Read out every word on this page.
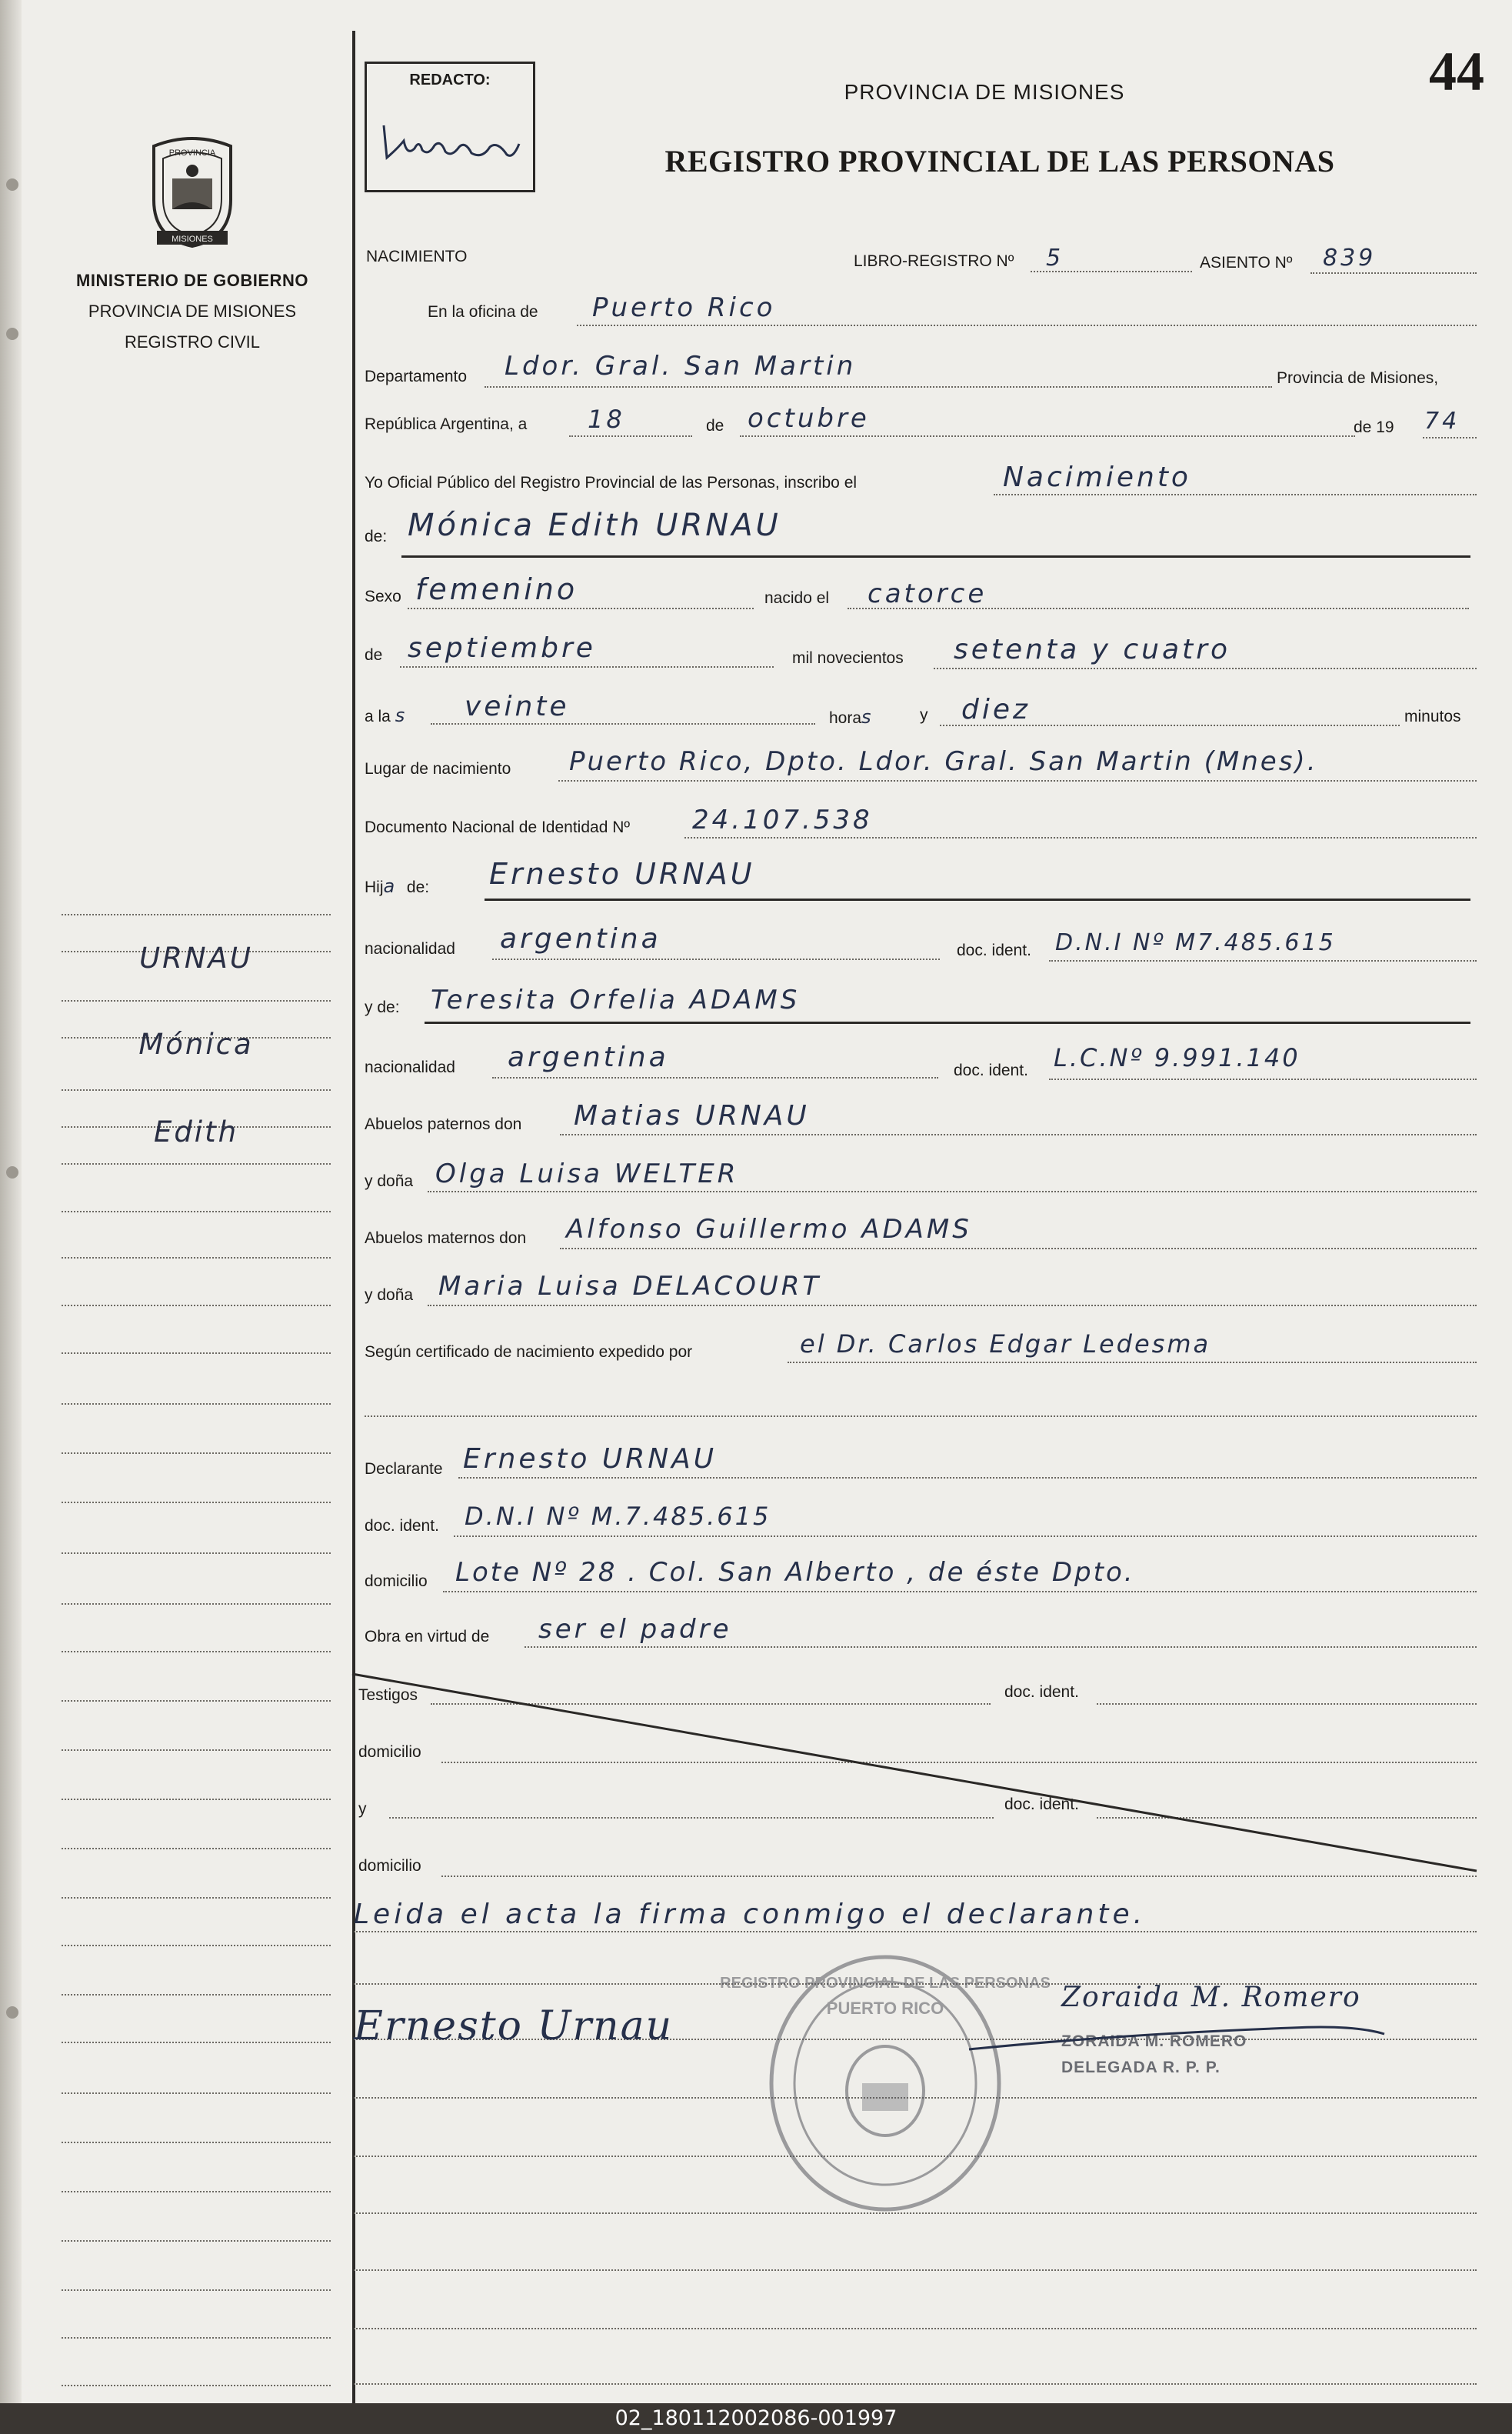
PROVINCIA
MISIONES
MINISTERIO DE GOBIERNO
PROVINCIA DE MISIONES
REGISTRO CIVIL
URNAU
Mónica
Edith
REDACTO:	PROVINCIA DE MISIONES
REGISTRO PROVINCIAL DE LAS PERSONAS
44
NACIMIENTO	LIBRO-REGISTRO Nº 5	ASIENTO Nº 839
En la oficina de Puerto Rico
Departamento Ldor. Gral. San Martin	Provincia de Misiones,
República Argentina, a 18	de octubre	de 19 74
Yo Oficial Público del Registro Provincial de las Personas, inscribo el	Nacimiento
de: Mónica Edith URNAU
Sexo femenino	nacido el catorce
de septiembre	mil novecientos setenta y cuatro
a la s veinte	horas	y diez	minutos
Lugar de nacimiento Puerto Rico, Dpto. Ldor. Gral. San Martin (Mnes).
Documento Nacional de Identidad Nº 24.107.538
Hija de: Ernesto URNAU
nacionalidad argentina	doc. ident. D.N.I Nº M7.485.615
y de: Teresita Orfelia ADAMS
nacionalidad argentina	doc. ident. L.C.Nº 9.991.140
Abuelos paternos don Matias URNAU
y doña Olga Luisa WELTER
Abuelos maternos don Alfonso Guillermo ADAMS
y doña Maria Luisa DELACOURT
Según certificado de nacimiento expedido por	el Dr. Carlos Edgar Ledesma
Declarante Ernesto URNAU
doc. ident. D.N.I Nº M.7.485.615
domicilio Lote Nº 28 . Col. San Alberto , de éste Dpto.
Obra en virtud de ser el padre
Testigos	doc. ident.
domicilio
y	doc. ident.
domicilio
Leida el acta la firma conmigo el declarante.
Ernesto Urnau
Zoraida M. Romero
REGISTRO PROVINCIAL DE LAS PERSONAS
PUERTO RICO
ZORAIDA M. ROMERO
DELEGADA R. P. P.
02_180112002086-001997
